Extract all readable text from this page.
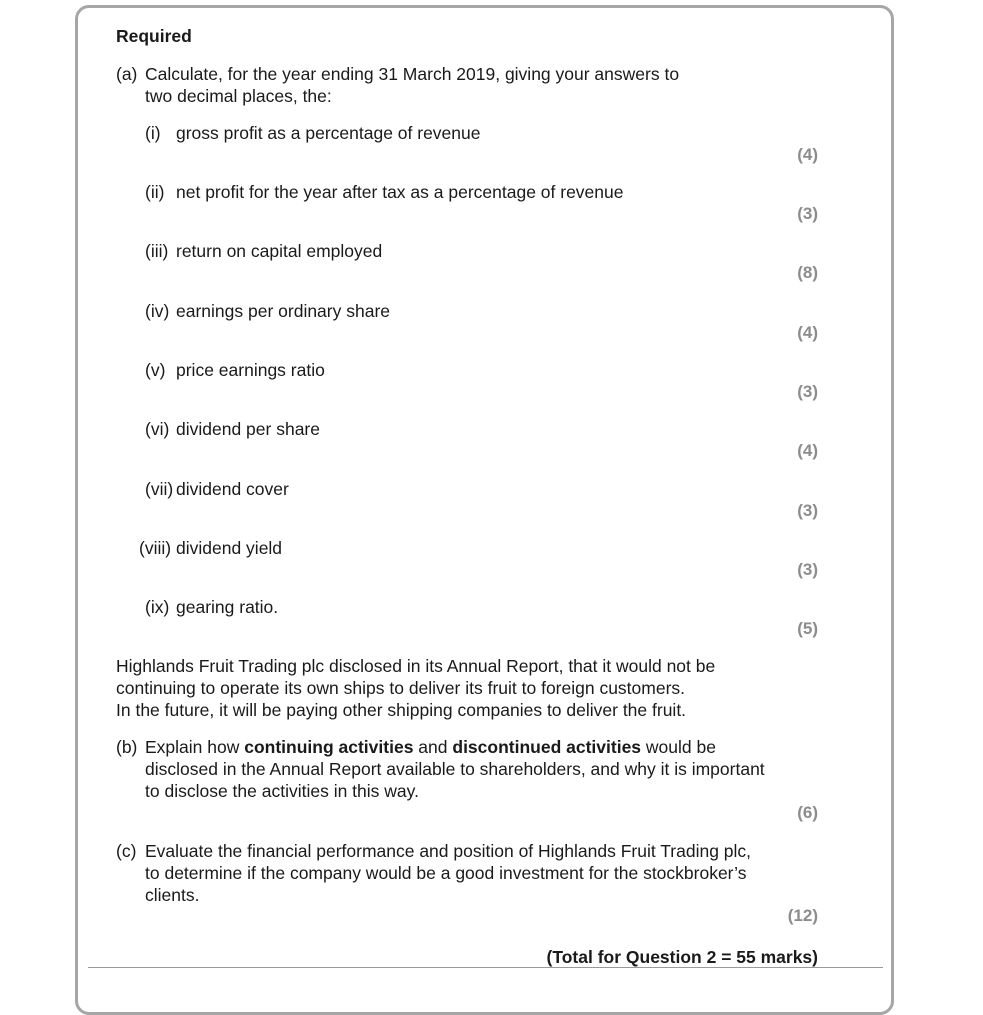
Required
(a) Calculate, for the year ending 31 March 2019, giving your answers to
two decimal places, the:
(i) gross profit as a percentage of revenue
(4)
(ii) net profit for the year after tax as a percentage of revenue
(3)
(iii) return on capital employed
(8)
(iv) earnings per ordinary share
(4)
(v) price earnings ratio
(3)
(vi) dividend per share
(4)
(vii) dividend cover
(3)
(viii) dividend yield
(3)
(ix) gearing ratio.
(5)
Highlands Fruit Trading plc disclosed in its Annual Report, that it would not be
continuing to operate its own ships to deliver its fruit to foreign customers.
In the future, it will be paying other shipping companies to deliver the fruit.
(b) Explain how continuing activities and discontinued activities would be
disclosed in the Annual Report available to shareholders, and why it is important
to disclose the activities in this way.
(6)
(c) Evaluate the financial performance and position of Highlands Fruit Trading plc,
to determine if the company would be a good investment for the stockbroker’s
clients.
(12)
(Total for Question 2 = 55 marks)
